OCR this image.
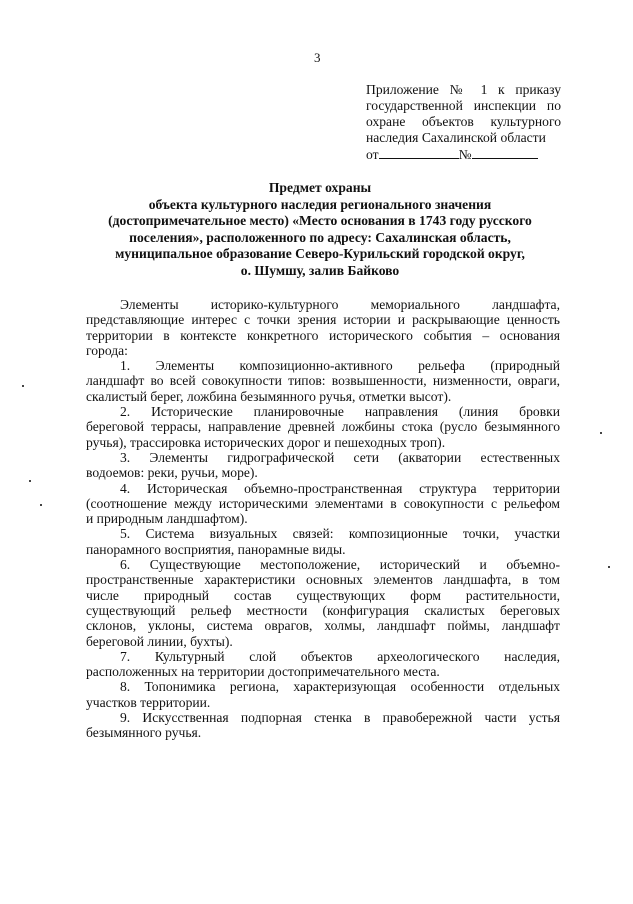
3
Приложение № 1 к приказу
государственной инспекции по
охране объектов культурного
наследия Сахалинской области
от	№
Предмет охраны
объекта культурного наследия регионального значения
(достопримечательное место) «Место основания в 1743 году русского
поселения», расположенного по адресу: Сахалинская область,
муниципальное образование Северо-Курильский городской округ,
о. Шумшу, залив Байково
Элементы историко-культурного мемориального ландшафта,
представляющие интерес с точки зрения истории и раскрывающие ценность
территории в контексте конкретного исторического события – основания
города:
1. Элементы композиционно-активного рельефа (природный
ландшафт во всей совокупности типов: возвышенности, низменности, овраги,
скалистый берег, ложбина безымянного ручья, отметки высот).
2. Исторические планировочные направления (линия бровки
береговой террасы, направление древней ложбины стока (русло безымянного
ручья), трассировка исторических дорог и пешеходных троп).
3. Элементы гидрографической сети (акватории естественных
водоемов: реки, ручьи, море).
4. Историческая объемно-пространственная структура территории
(соотношение между историческими элементами в совокупности с рельефом
и природным ландшафтом).
5. Система визуальных связей: композиционные точки, участки
панорамного восприятия, панорамные виды.
6. Существующие местоположение, исторический и объемно-
пространственные характеристики основных элементов ландшафта, в том
числе природный состав существующих форм растительности,
существующий рельеф местности (конфигурация скалистых береговых
склонов, уклоны, система оврагов, холмы, ландшафт поймы, ландшафт
береговой линии, бухты).
7. Культурный слой объектов археологического наследия,
расположенных на территории достопримечательного места.
8. Топонимика региона, характеризующая особенности отдельных
участков территории.
9. Искусственная подпорная стенка в правобережной части устья
безымянного ручья.
